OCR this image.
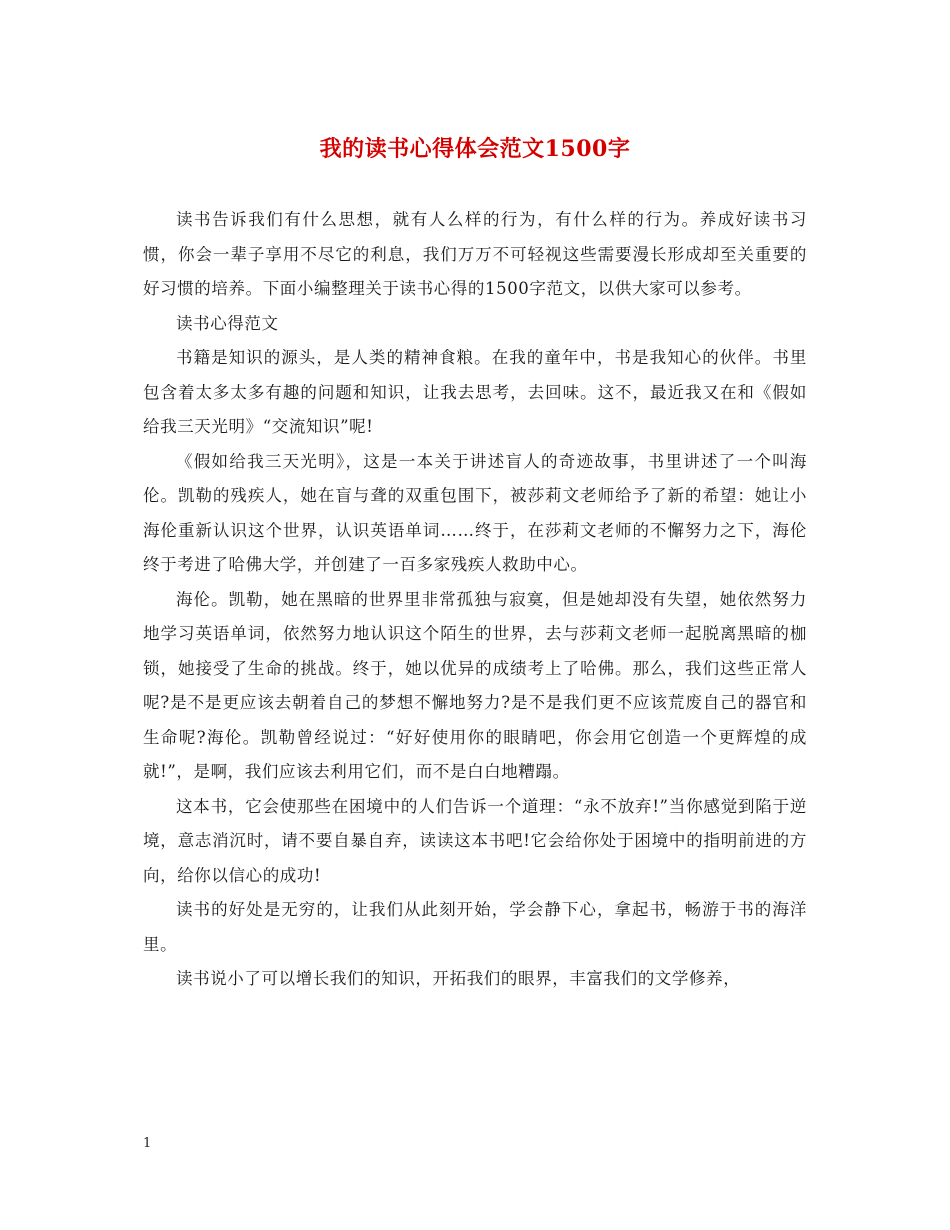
我的读书心得体会范文1500字

读书告诉我们有什么思想，就有人么样的行为，有什么样的行为。养成好读书习惯，你会一辈子享用不尽它的利息，我们万万不可轻视这些需要漫长形成却至关重要的好习惯的培养。下面小编整理关于读书心得的1500字范文，以供大家可以参考。

读书心得范文

书籍是知识的源头，是人类的精神食粮。在我的童年中，书是我知心的伙伴。书里包含着太多太多有趣的问题和知识，让我去思考，去回味。这不，最近我又在和《假如给我三天光明》“交流知识”呢!

《假如给我三天光明》，这是一本关于讲述盲人的奇迹故事，书里讲述了一个叫海伦。凯勒的残疾人，她在盲与聋的双重包围下，被莎莉文老师给予了新的希望：她让小海伦重新认识这个世界，认识英语单词……终于，在莎莉文老师的不懈努力之下，海伦终于考进了哈佛大学，并创建了一百多家残疾人救助中心。

海伦。凯勒，她在黑暗的世界里非常孤独与寂寞，但是她却没有失望，她依然努力地学习英语单词，依然努力地认识这个陌生的世界，去与莎莉文老师一起脱离黑暗的枷锁，她接受了生命的挑战。终于，她以优异的成绩考上了哈佛。那么，我们这些正常人呢?是不是更应该去朝着自己的梦想不懈地努力?是不是我们更不应该荒废自己的器官和生命呢?海伦。凯勒曾经说过：“好好使用你的眼睛吧，你会用它创造一个更辉煌的成就!”，是啊，我们应该去利用它们，而不是白白地糟蹋。

这本书，它会使那些在困境中的人们告诉一个道理：“永不放弃!”当你感觉到陷于逆境，意志消沉时，请不要自暴自弃，读读这本书吧!它会给你处于困境中的指明前进的方向，给你以信心的成功!

读书的好处是无穷的，让我们从此刻开始，学会静下心，拿起书，畅游于书的海洋里。

读书说小了可以增长我们的知识，开拓我们的眼界，丰富我们的文学修养，

1
